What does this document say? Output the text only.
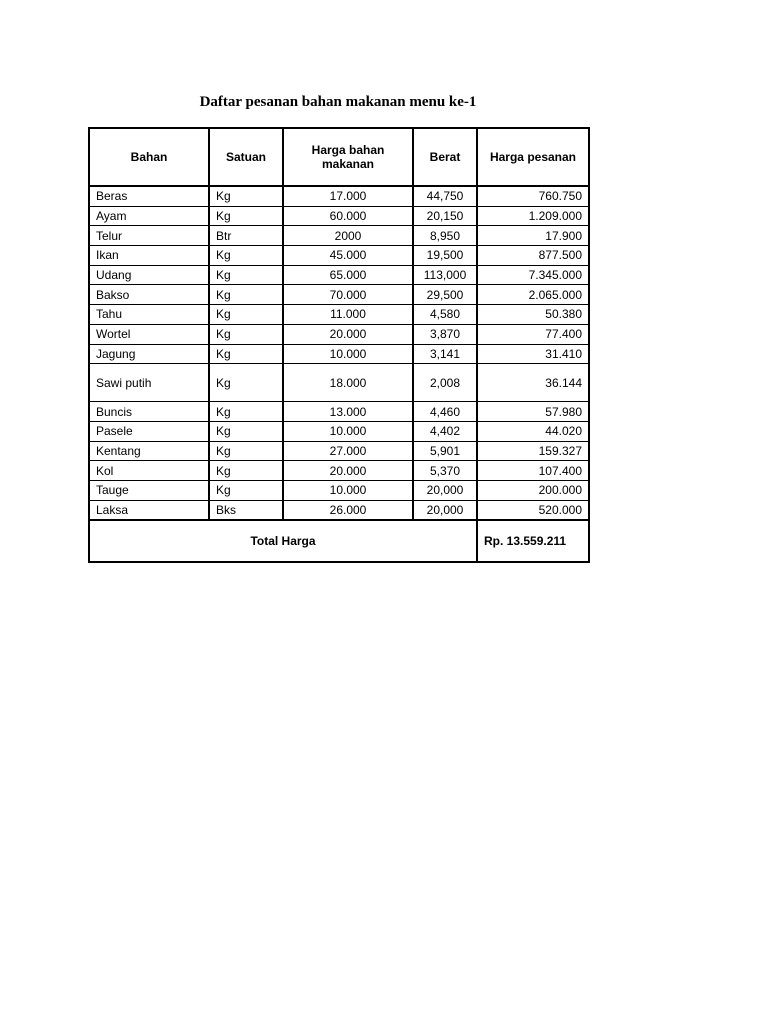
Daftar pesanan bahan makanan menu ke-1
Bahan	Satuan	Harga bahan makanan	Berat	Harga pesanan
Beras	Kg	17.000	44,750	760.750
Ayam	Kg	60.000	20,150	1.209.000
Telur	Btr	2000	8,950	17.900
Ikan	Kg	45.000	19,500	877.500
Udang	Kg	65.000	113,000	7.345.000
Bakso	Kg	70.000	29,500	2.065.000
Tahu	Kg	11.000	4,580	50.380
Wortel	Kg	20.000	3,870	77.400
Jagung	Kg	10.000	3,141	31.410
Sawi putih	Kg	18.000	2,008	36.144
Buncis	Kg	13.000	4,460	57.980
Pasele	Kg	10.000	4,402	44.020
Kentang	Kg	27.000	5,901	159.327
Kol	Kg	20.000	5,370	107.400
Tauge	Kg	10.000	20,000	200.000
Laksa	Bks	26.000	20,000	520.000
Total Harga				Rp. 13.559.211
